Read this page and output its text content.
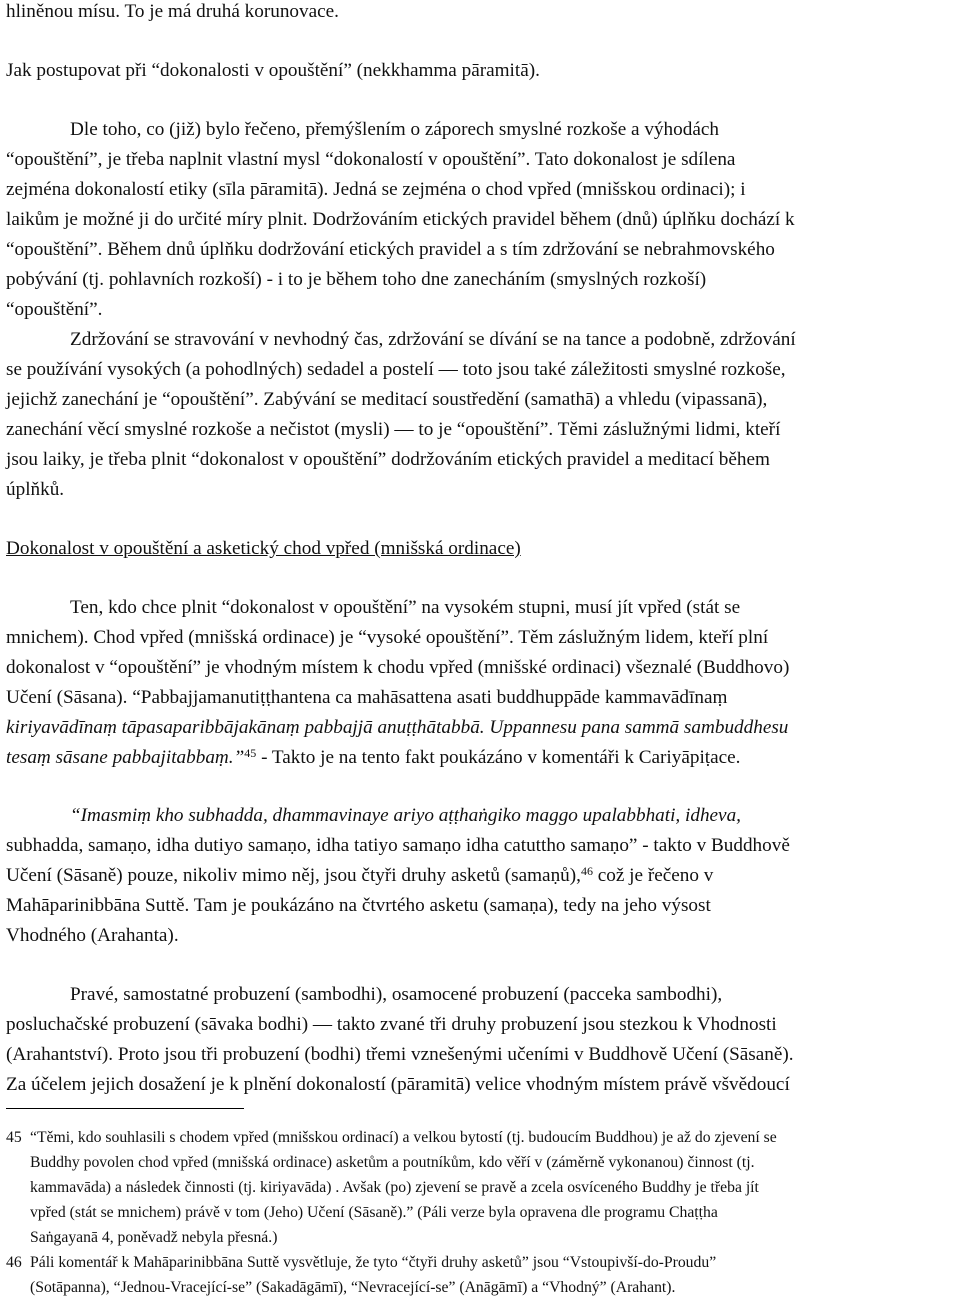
hliněnou mísu. To je má druhá korunovace.
Jak postupovat při “dokonalosti v opouštění” (nekkhamma pāramitā).
Dle toho, co (již) bylo řečeno, přemýšlením o záporech smyslné rozkoše a výhodách
“opouštění”, je třeba naplnit vlastní mysl “dokonalostí v opouštění”. Tato dokonalost je sdílena
zejména dokonalostí etiky (sīla pāramitā). Jedná se zejména o chod vpřed (mnišskou ordinaci); i
laikům je možné ji do určité míry plnit. Dodržováním etických pravidel během (dnů) úplňku dochází k
“opouštění”. Během dnů úplňku dodržování etických pravidel a s tím zdržování se nebrahmovského
pobývání (tj. pohlavních rozkoší) - i to je během toho dne zanecháním (smyslných rozkoší)
“opouštění”.
Zdržování se stravování v nevhodný čas, zdržování se dívání se na tance a podobně, zdržování
se používání vysokých (a pohodlných) sedadel a postelí — toto jsou také záležitosti smyslné rozkoše,
jejichž zanechání je “opouštění”. Zabývání se meditací soustředění (samathā) a vhledu (vipassanā),
zanechání věcí smyslné rozkoše a nečistot (mysli) — to je “opouštění”. Těmi záslužnými lidmi, kteří
jsou laiky, je třeba plnit “dokonalost v opouštění” dodržováním etických pravidel a meditací během
úplňků.
Dokonalost v opouštění a asketický chod vpřed (mnišská ordinace)
Ten, kdo chce plnit “dokonalost v opouštění” na vysokém stupni, musí jít vpřed (stát se
mnichem). Chod vpřed (mnišská ordinace) je “vysoké opouštění”. Těm záslužným lidem, kteří plní
dokonalost v “opouštění” je vhodným místem k chodu vpřed (mnišské ordinaci) všeznalé (Buddhovo)
Učení (Sāsana). “Pabbajjamanutiṭṭhantena ca mahāsattena asati buddhuppāde kammavādīnaṃ
kiriyavādīnaṃ tāpasaparibbājakānaṃ pabbajjā anuṭṭhātabbā. Uppannesu pana sammā sambuddhesu
tesaṃ sāsane pabbajitabbaṃ.”$^{45}$ - Takto je na tento fakt poukázáno v komentáři k Cariyāpiṭace.
“Imasmiṃ kho subhadda, dhammavinaye ariyo aṭṭhaṅgiko maggo upalabbhati, idheva,
subhadda, samaṇo, idha dutiyo samaṇo, idha tatiyo samaṇo idha catuttho samaṇo” - takto v Buddhově
Učení (Sāsaně) pouze, nikoliv mimo něj, jsou čtyři druhy asketů (samaṇů),$^{46}$ což je řečeno v
Mahāparinibbāna Suttě. Tam je poukázáno na čtvrtého asketu (samaṇa), tedy na jeho výsost
Vhodného (Arahanta).
Pravé, samostatné probuzení (sambodhi), osamocené probuzení (pacceka sambodhi),
posluchačské probuzení (sāvaka bodhi) — takto zvané tři druhy probuzení jsou stezkou k Vhodnosti
(Arahantství). Proto jsou tři probuzení (bodhi) třemi vznešenými učeními v Buddhově Učení (Sāsaně).
Za účelem jejich dosažení je k plnění dokonalostí (pāramitā) velice vhodným místem právě všvědoucí
45 “Těmi, kdo souhlasili s chodem vpřed (mnišskou ordinací) a velkou bytostí (tj. budoucím Buddhou) je až do zjevení se
Buddhy povolen chod vpřed (mnišská ordinace) asketům a poutníkům, kdo věří v (záměrně vykonanou) činnost (tj.
kammavāda) a následek činnosti (tj. kiriyavāda) . Avšak (po) zjevení se pravě a zcela osvíceného Buddhy je třeba jít
vpřed (stát se mnichem) právě v tom (Jeho) Učení (Sāsaně).” (Páli verze byla opravena dle programu Chaṭṭha
Saṅgayanā 4, poněvadž nebyla přesná.)
46 Páli komentář k Mahāparinibbāna Suttě vysvětluje, že tyto “čtyři druhy asketů” jsou “Vstoupivší-do-Proudu”
(Sotāpanna), “Jednou-Vracející-se” (Sakadāgāmī), “Nevracející-se” (Anāgāmī) a “Vhodný” (Arahant).
